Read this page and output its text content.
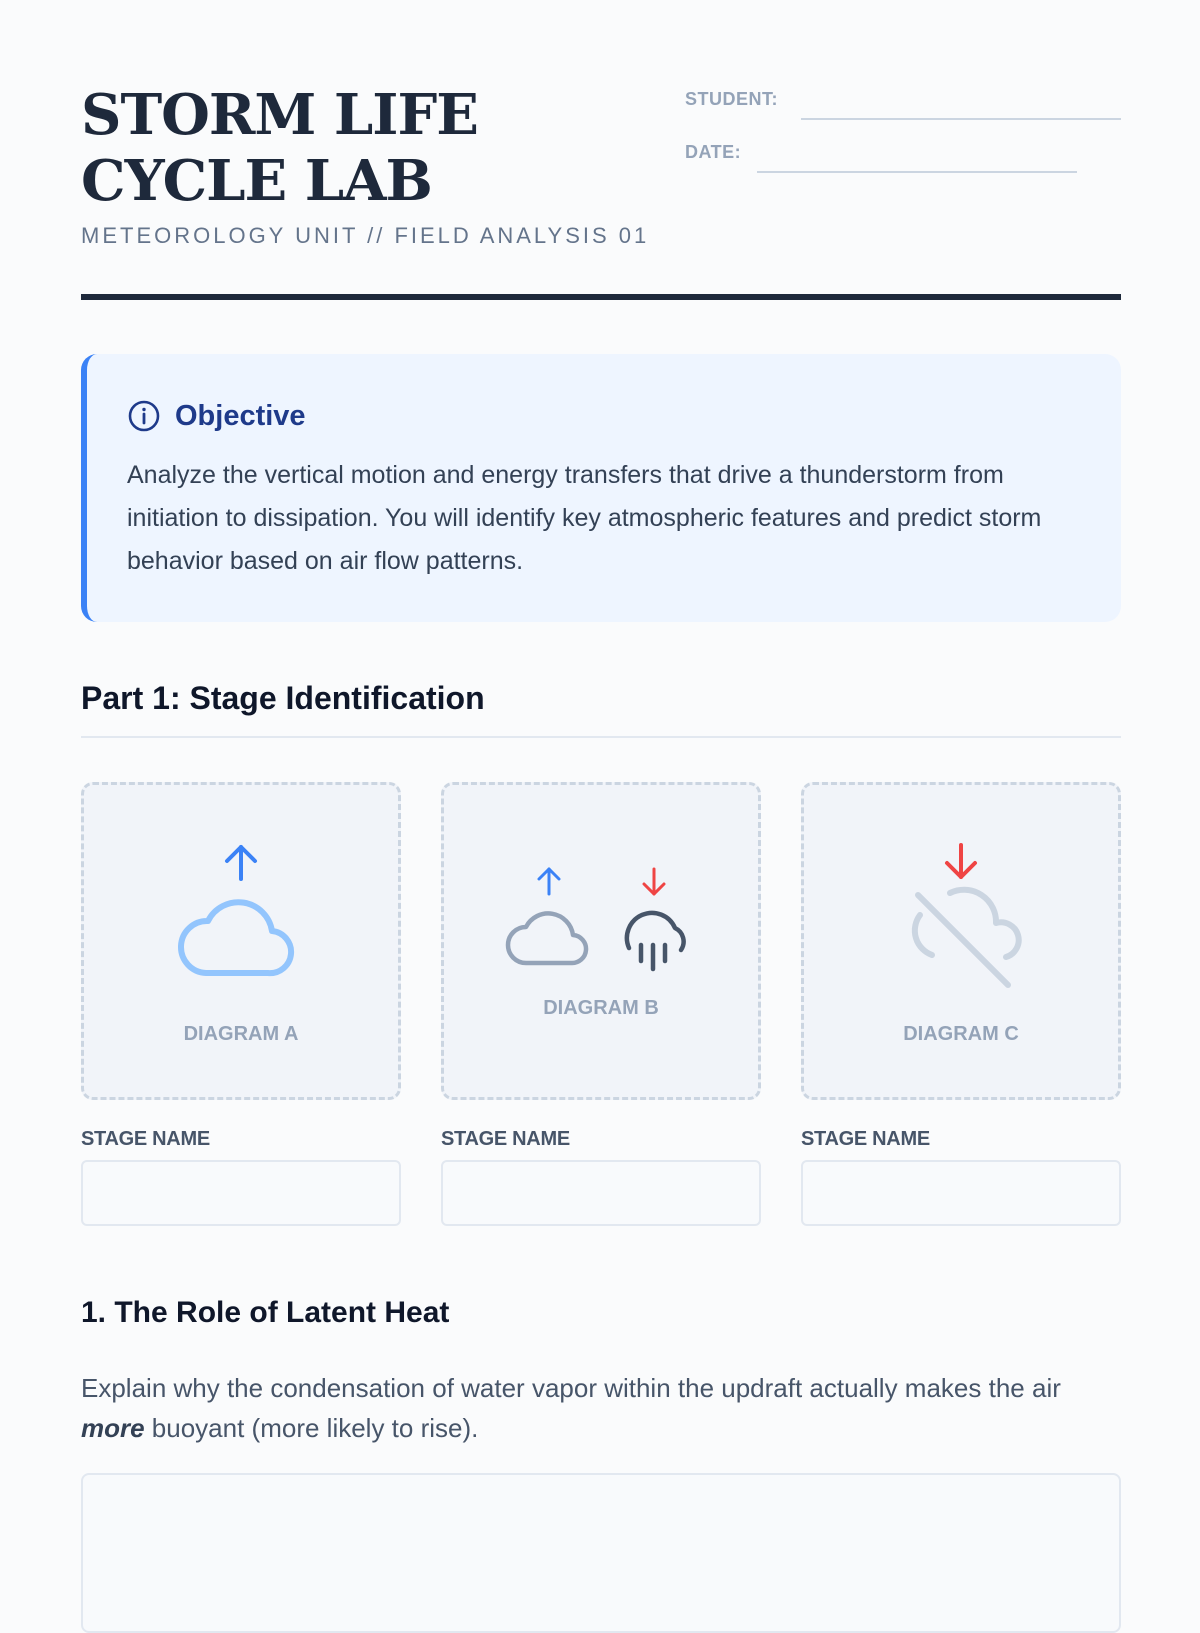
STORM LIFE CYCLE LAB
METEOROLOGY UNIT // FIELD ANALYSIS 01
STUDENT:
DATE:
Objective
Analyze the vertical motion and energy transfers that drive a thunderstorm from initiation to dissipation. You will identify key atmospheric features and predict storm behavior based on air flow patterns.
Part 1: Stage Identification
DIAGRAM A
DIAGRAM B
DIAGRAM C
STAGE NAME	STAGE NAME	STAGE NAME
1. The Role of Latent Heat
Explain why the condensation of water vapor within the updraft actually makes the air more buoyant (more likely to rise).
